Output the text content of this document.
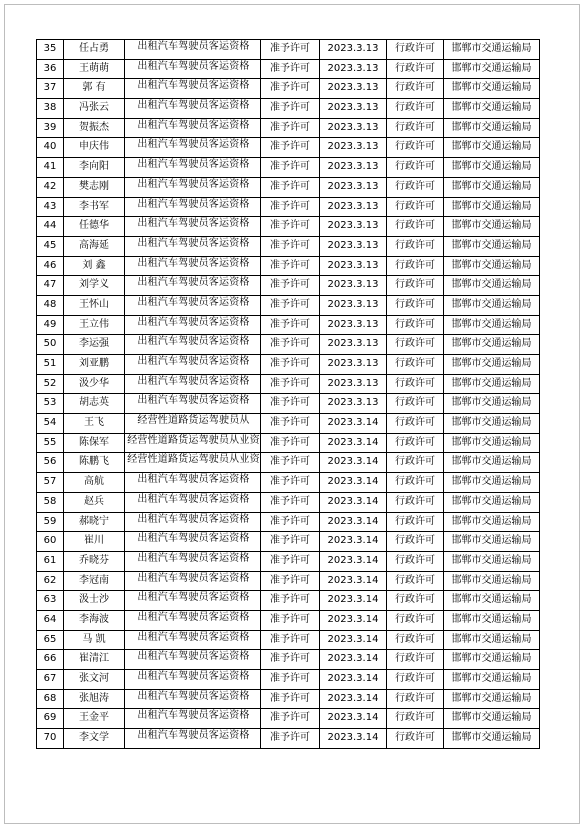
35	任占勇	出租汽车驾驶员客运资格	准予许可	2023.3.13	行政许可	邯郸市交通运输局

36	王萌萌	出租汽车驾驶员客运资格	准予许可	2023.3.13	行政许可	邯郸市交通运输局

37	郭 有	出租汽车驾驶员客运资格	准予许可	2023.3.13	行政许可	邯郸市交通运输局

38	冯张云	出租汽车驾驶员客运资格	准予许可	2023.3.13	行政许可	邯郸市交通运输局

39	贺振杰	出租汽车驾驶员客运资格	准予许可	2023.3.13	行政许可	邯郸市交通运输局

40	申庆伟	出租汽车驾驶员客运资格	准予许可	2023.3.13	行政许可	邯郸市交通运输局

41	李向阳	出租汽车驾驶员客运资格	准予许可	2023.3.13	行政许可	邯郸市交通运输局

42	樊志刚	出租汽车驾驶员客运资格	准予许可	2023.3.13	行政许可	邯郸市交通运输局

43	李书军	出租汽车驾驶员客运资格	准予许可	2023.3.13	行政许可	邯郸市交通运输局

44	任德华	出租汽车驾驶员客运资格	准予许可	2023.3.13	行政许可	邯郸市交通运输局

45	高海延	出租汽车驾驶员客运资格	准予许可	2023.3.13	行政许可	邯郸市交通运输局

46	刘 鑫	出租汽车驾驶员客运资格	准予许可	2023.3.13	行政许可	邯郸市交通运输局

47	刘学义	出租汽车驾驶员客运资格	准予许可	2023.3.13	行政许可	邯郸市交通运输局

48	王怀山	出租汽车驾驶员客运资格	准予许可	2023.3.13	行政许可	邯郸市交通运输局

49	王立伟	出租汽车驾驶员客运资格	准予许可	2023.3.13	行政许可	邯郸市交通运输局

50	李运强	出租汽车驾驶员客运资格	准予许可	2023.3.13	行政许可	邯郸市交通运输局

51	刘亚鹏	出租汽车驾驶员客运资格	准予许可	2023.3.13	行政许可	邯郸市交通运输局

52	汲少华	出租汽车驾驶员客运资格	准予许可	2023.3.13	行政许可	邯郸市交通运输局

53	胡志英	出租汽车驾驶员客运资格	准予许可	2023.3.13	行政许可	邯郸市交通运输局

54	王飞	经营性道路货运驾驶员从	准予许可	2023.3.14	行政许可	邯郸市交通运输局

55	陈保军	经营性道路货运驾驶员从业资	准予许可	2023.3.14	行政许可	邯郸市交通运输局

56	陈鹏飞	经营性道路货运驾驶员从业资	准予许可	2023.3.14	行政许可	邯郸市交通运输局

57	高航	出租汽车驾驶员客运资格	准予许可	2023.3.14	行政许可	邯郸市交通运输局

58	赵兵	出租汽车驾驶员客运资格	准予许可	2023.3.14	行政许可	邯郸市交通运输局

59	郝晓宁	出租汽车驾驶员客运资格	准予许可	2023.3.14	行政许可	邯郸市交通运输局

60	崔川	出租汽车驾驶员客运资格	准予许可	2023.3.14	行政许可	邯郸市交通运输局

61	乔晓芬	出租汽车驾驶员客运资格	准予许可	2023.3.14	行政许可	邯郸市交通运输局

62	李冠南	出租汽车驾驶员客运资格	准予许可	2023.3.14	行政许可	邯郸市交通运输局

63	汲士沙	出租汽车驾驶员客运资格	准予许可	2023.3.14	行政许可	邯郸市交通运输局

64	李海波	出租汽车驾驶员客运资格	准予许可	2023.3.14	行政许可	邯郸市交通运输局

65	马 凯	出租汽车驾驶员客运资格	准予许可	2023.3.14	行政许可	邯郸市交通运输局

66	崔清江	出租汽车驾驶员客运资格	准予许可	2023.3.14	行政许可	邯郸市交通运输局

67	张文河	出租汽车驾驶员客运资格	准予许可	2023.3.14	行政许可	邯郸市交通运输局

68	张旭涛	出租汽车驾驶员客运资格	准予许可	2023.3.14	行政许可	邯郸市交通运输局

69	王金平	出租汽车驾驶员客运资格	准予许可	2023.3.14	行政许可	邯郸市交通运输局

70	李文学	出租汽车驾驶员客运资格	准予许可	2023.3.14	行政许可	邯郸市交通运输局
